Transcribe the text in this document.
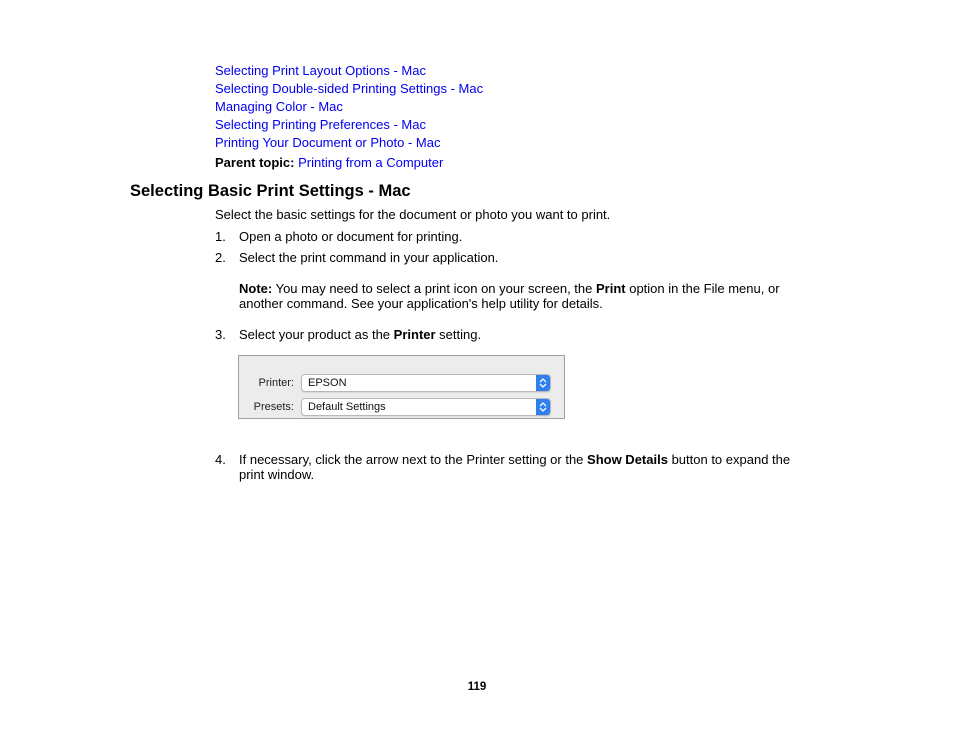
Selecting Print Layout Options - Mac
Selecting Double-sided Printing Settings - Mac
Managing Color - Mac
Selecting Printing Preferences - Mac
Printing Your Document or Photo - Mac
Parent topic: Printing from a Computer
Selecting Basic Print Settings - Mac
Select the basic settings for the document or photo you want to print.
1. Open a photo or document for printing.
2. Select the print command in your application.
Note: You may need to select a print icon on your screen, the Print option in the File menu, or another command. See your application's help utility for details.
3. Select your product as the Printer setting.
Printer: EPSON
Presets: Default Settings
4.	If necessary, click the arrow next to the Printer setting or the Show Details button to expand the print window.
119
